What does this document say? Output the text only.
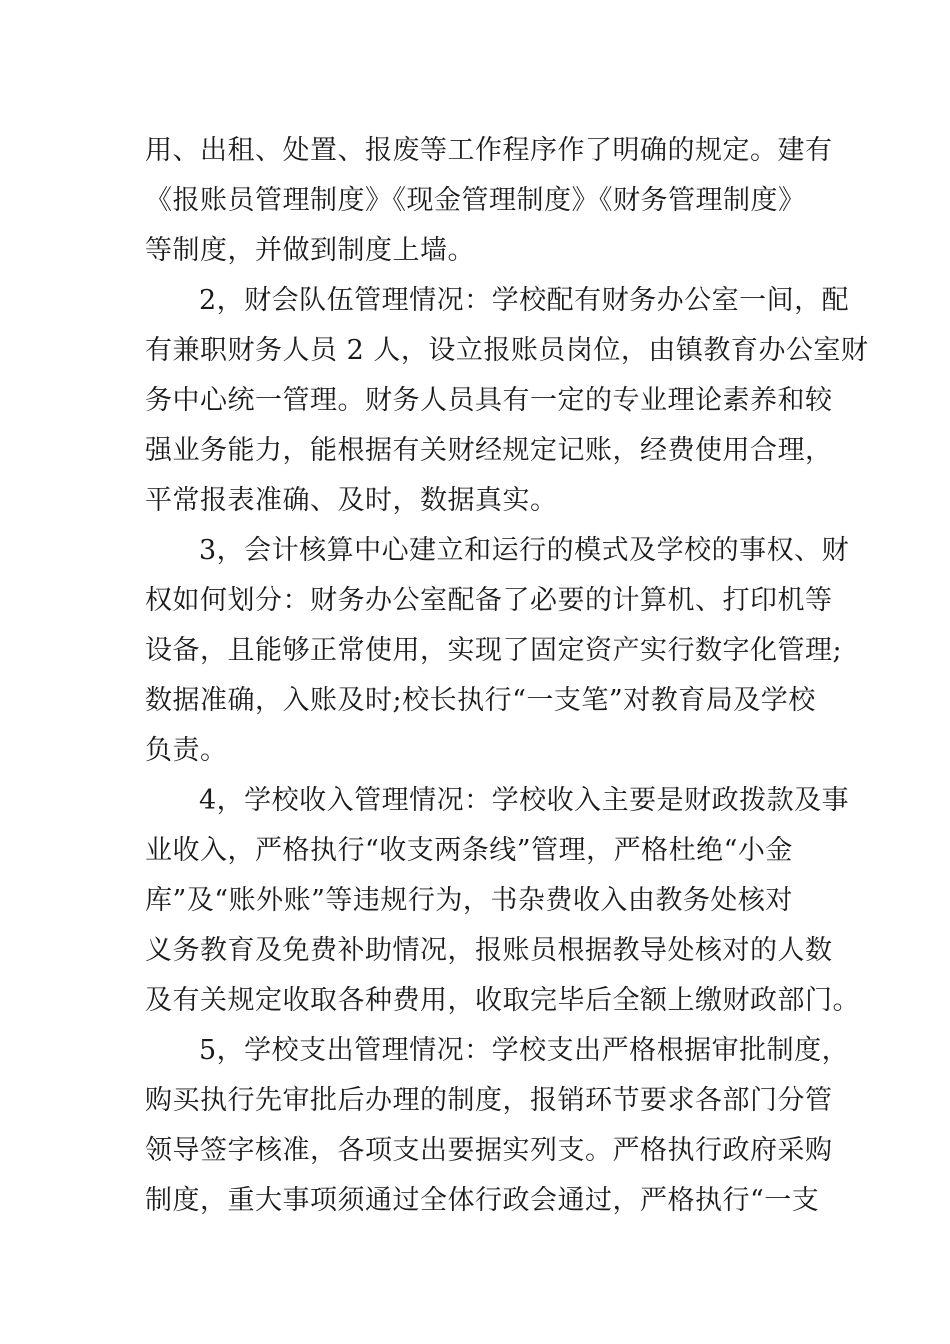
用、出租、处置、报废等工作程序作了明确的规定。建有
《报账员管理制度》《现金管理制度》《财务管理制度》
等制度，并做到制度上墙。
2，财会队伍管理情况：学校配有财务办公室一间，配
有兼职财务人员 2 人，设立报账员岗位，由镇教育办公室财
务中心统一管理。财务人员具有一定的专业理论素养和较
强业务能力，能根据有关财经规定记账，经费使用合理，
平常报表准确、及时，数据真实。
3，会计核算中心建立和运行的模式及学校的事权、财
权如何划分：财务办公室配备了必要的计算机、打印机等
设备，且能够正常使用，实现了固定资产实行数字化管理;
数据准确，入账及时;校长执行“一支笔”对教育局及学校
负责。
4，学校收入管理情况：学校收入主要是财政拨款及事
业收入，严格执行“收支两条线”管理，严格杜绝“小金
库”及“账外账”等违规行为，书杂费收入由教务处核对
义务教育及免费补助情况，报账员根据教导处核对的人数
及有关规定收取各种费用，收取完毕后全额上缴财政部门。
5，学校支出管理情况：学校支出严格根据审批制度，
购买执行先审批后办理的制度，报销环节要求各部门分管
领导签字核准，各项支出要据实列支。严格执行政府采购
制度，重大事项须通过全体行政会通过，严格执行“一支
